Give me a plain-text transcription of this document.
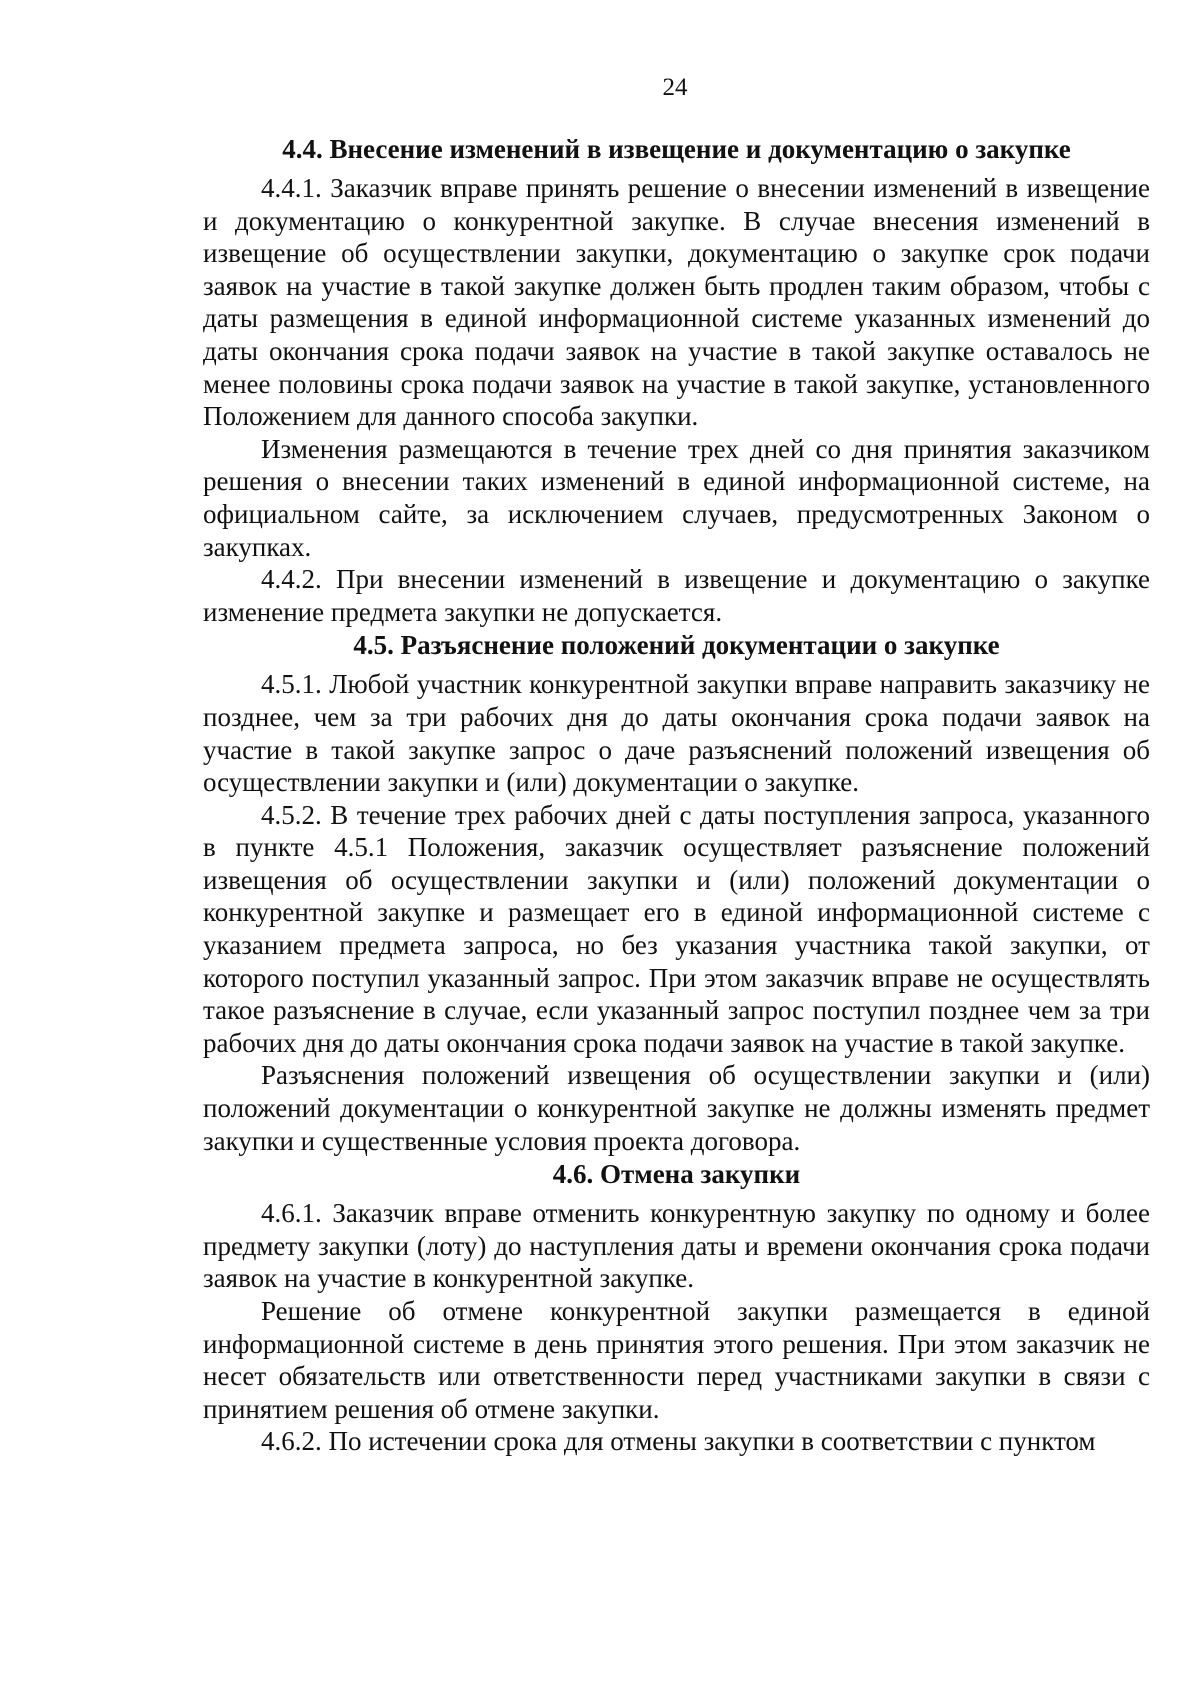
24

4.4. Внесение изменений в извещение и документацию о закупке

4.4.1. Заказчик вправе принять решение о внесении изменений в извещение и документацию о конкурентной закупке. В случае внесения изменений в извещение об осуществлении закупки, документацию о закупке срок подачи заявок на участие в такой закупке должен быть продлен таким образом, чтобы с даты размещения в единой информационной системе указанных изменений до даты окончания срока подачи заявок на участие в такой закупке оставалось не менее половины срока подачи заявок на участие в такой закупке, установленного Положением для данного способа закупки.

Изменения размещаются в течение трех дней со дня принятия заказчиком решения о внесении таких изменений в единой информационной системе, на официальном сайте, за исключением случаев, предусмотренных Законом о закупках.

4.4.2. При внесении изменений в извещение и документацию о закупке изменение предмета закупки не допускается.

4.5. Разъяснение положений документации о закупке

4.5.1. Любой участник конкурентной закупки вправе направить заказчику не позднее, чем за три рабочих дня до даты окончания срока подачи заявок на участие в такой закупке запрос о даче разъяснений положений извещения об осуществлении закупки и (или) документации о закупке.

4.5.2. В течение трех рабочих дней с даты поступления запроса, указанного в пункте 4.5.1 Положения, заказчик осуществляет разъяснение положений извещения об осуществлении закупки и (или) положений документации о конкурентной закупке и размещает его в единой информационной системе с указанием предмета запроса, но без указания участника такой закупки, от которого поступил указанный запрос. При этом заказчик вправе не осуществлять такое разъяснение в случае, если указанный запрос поступил позднее чем за три рабочих дня до даты окончания срока подачи заявок на участие в такой закупке.

Разъяснения положений извещения об осуществлении закупки и (или) положений документации о конкурентной закупке не должны изменять предмет закупки и существенные условия проекта договора.

4.6. Отмена закупки

4.6.1. Заказчик вправе отменить конкурентную закупку по одному и более предмету закупки (лоту) до наступления даты и времени окончания срока подачи заявок на участие в конкурентной закупке.

Решение об отмене конкурентной закупки размещается в единой информационной системе в день принятия этого решения. При этом заказчик не несет обязательств или ответственности перед участниками закупки в связи с принятием решения об отмене закупки.

4.6.2. По истечении срока для отмены закупки в соответствии с пунктом
